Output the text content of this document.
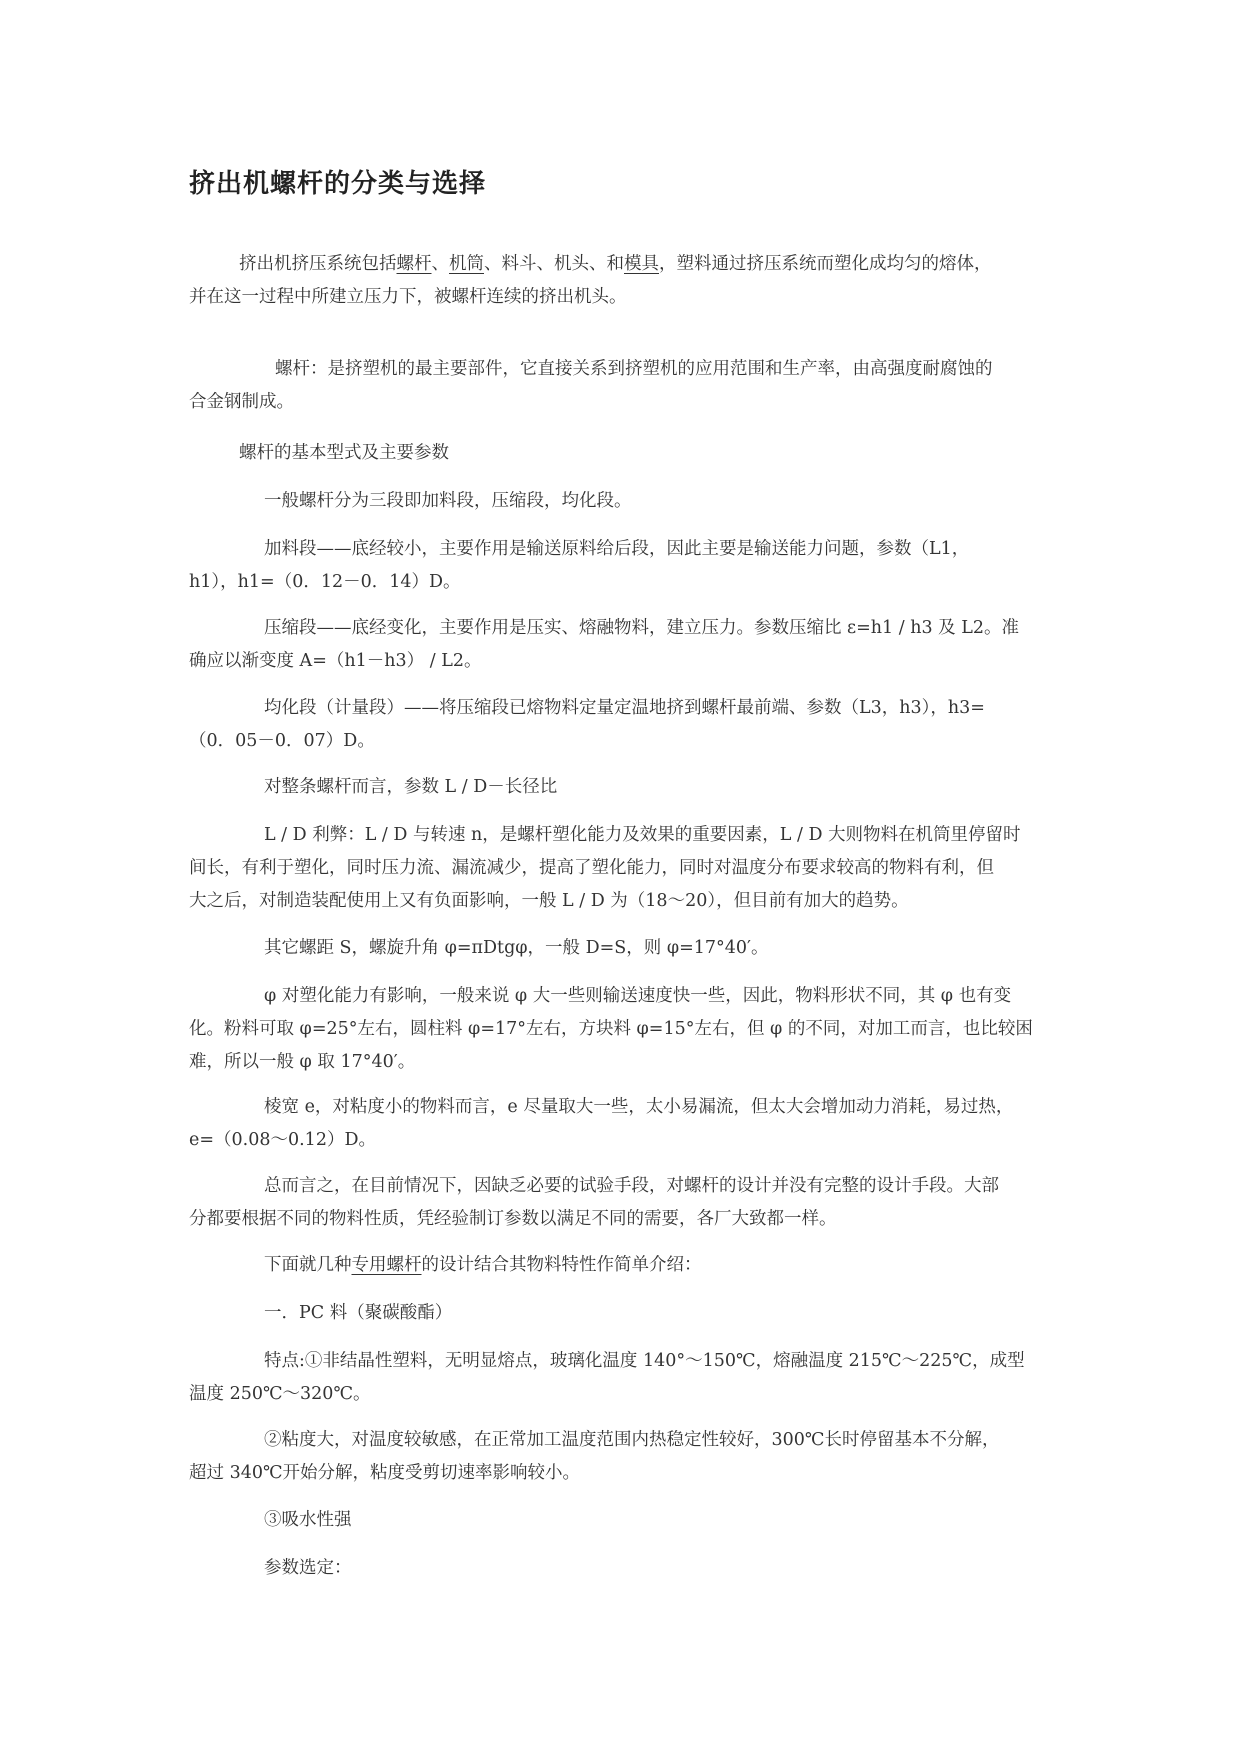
挤出机螺杆的分类与选择
挤出机挤压系统包括螺杆、机筒、料斗、机头、和模具，塑料通过挤压系统而塑化成均匀的熔体，
并在这一过程中所建立压力下，被螺杆连续的挤出机头。
螺杆：是挤塑机的最主要部件，它直接关系到挤塑机的应用范围和生产率，由高强度耐腐蚀的
合金钢制成。
螺杆的基本型式及主要参数
一般螺杆分为三段即加料段，压缩段，均化段。
加料段——底经较小，主要作用是输送原料给后段，因此主要是输送能力问题，参数（L1，
h1），h1=（0．12－0．14）D。
压缩段——底经变化，主要作用是压实、熔融物料，建立压力。参数压缩比 ε=h1 / h3 及 L2。准
确应以渐变度 A=（h1－h3） / L2。
均化段（计量段）——将压缩段已熔物料定量定温地挤到螺杆最前端、参数（L3，h3），h3=
（0．05－0．07）D。
对整条螺杆而言，参数 L / D－长径比
L / D 利弊：L / D 与转速 n，是螺杆塑化能力及效果的重要因素，L / D 大则物料在机筒里停留时
间长，有利于塑化，同时压力流、漏流减少，提高了塑化能力，同时对温度分布要求较高的物料有利，但
大之后，对制造装配使用上又有负面影响，一般 L / D 为（18～20），但目前有加大的趋势。
其它螺距 S，螺旋升角 φ=πDtgφ，一般 D=S，则 φ=17°40′。
φ 对塑化能力有影响，一般来说 φ 大一些则输送速度快一些，因此，物料形状不同，其 φ 也有变
化。粉料可取 φ=25°左右，圆柱料 φ=17°左右，方块料 φ=15°左右，但 φ 的不同，对加工而言，也比较困
难，所以一般 φ 取 17°40′。
棱宽 e，对粘度小的物料而言，e 尽量取大一些，太小易漏流，但太大会增加动力消耗，易过热，
e=（0.08～0.12）D。
总而言之，在目前情况下，因缺乏必要的试验手段，对螺杆的设计并没有完整的设计手段。大部
分都要根据不同的物料性质，凭经验制订参数以满足不同的需要，各厂大致都一样。
下面就几种专用螺杆的设计结合其物料特性作简单介绍：
一．PC 料（聚碳酸酯）
特点:①非结晶性塑料，无明显熔点，玻璃化温度 140°～150℃，熔融温度 215℃～225℃，成型
温度 250℃～320℃。
②粘度大，对温度较敏感，在正常加工温度范围内热稳定性较好，300℃长时停留基本不分解，
超过 340℃开始分解，粘度受剪切速率影响较小。
③吸水性强
参数选定：
